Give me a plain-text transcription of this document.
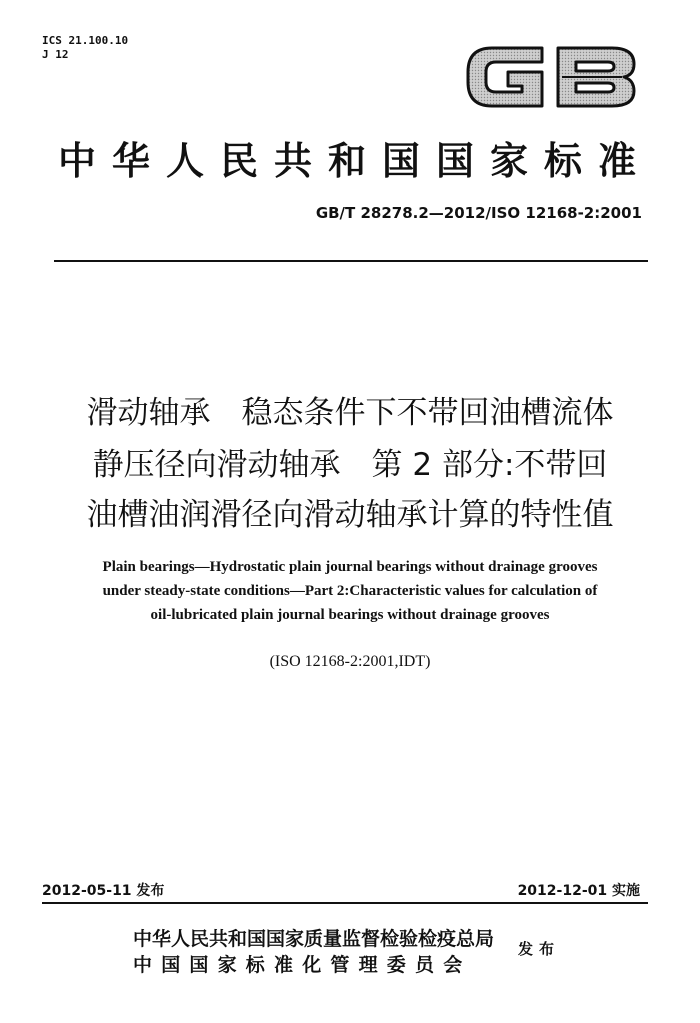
ICS 21.100.10
J 12
中华人民共和国国家标准
GB/T 28278.2—2012/ISO 12168-2:2001
滑动轴承　稳态条件下不带回油槽流体
静压径向滑动轴承　第 2 部分:不带回
油槽油润滑径向滑动轴承计算的特性值
Plain bearings—Hydrostatic plain journal bearings without drainage grooves
under steady-state conditions—Part 2:Characteristic values for calculation of
oil-lubricated plain journal bearings without drainage grooves
(ISO 12168-2:2001,IDT)
2012-05-11 发布	2012-12-01 实施
中华人民共和国国家质量监督检验检疫总局
中国国家标准化管理委员会
发布
